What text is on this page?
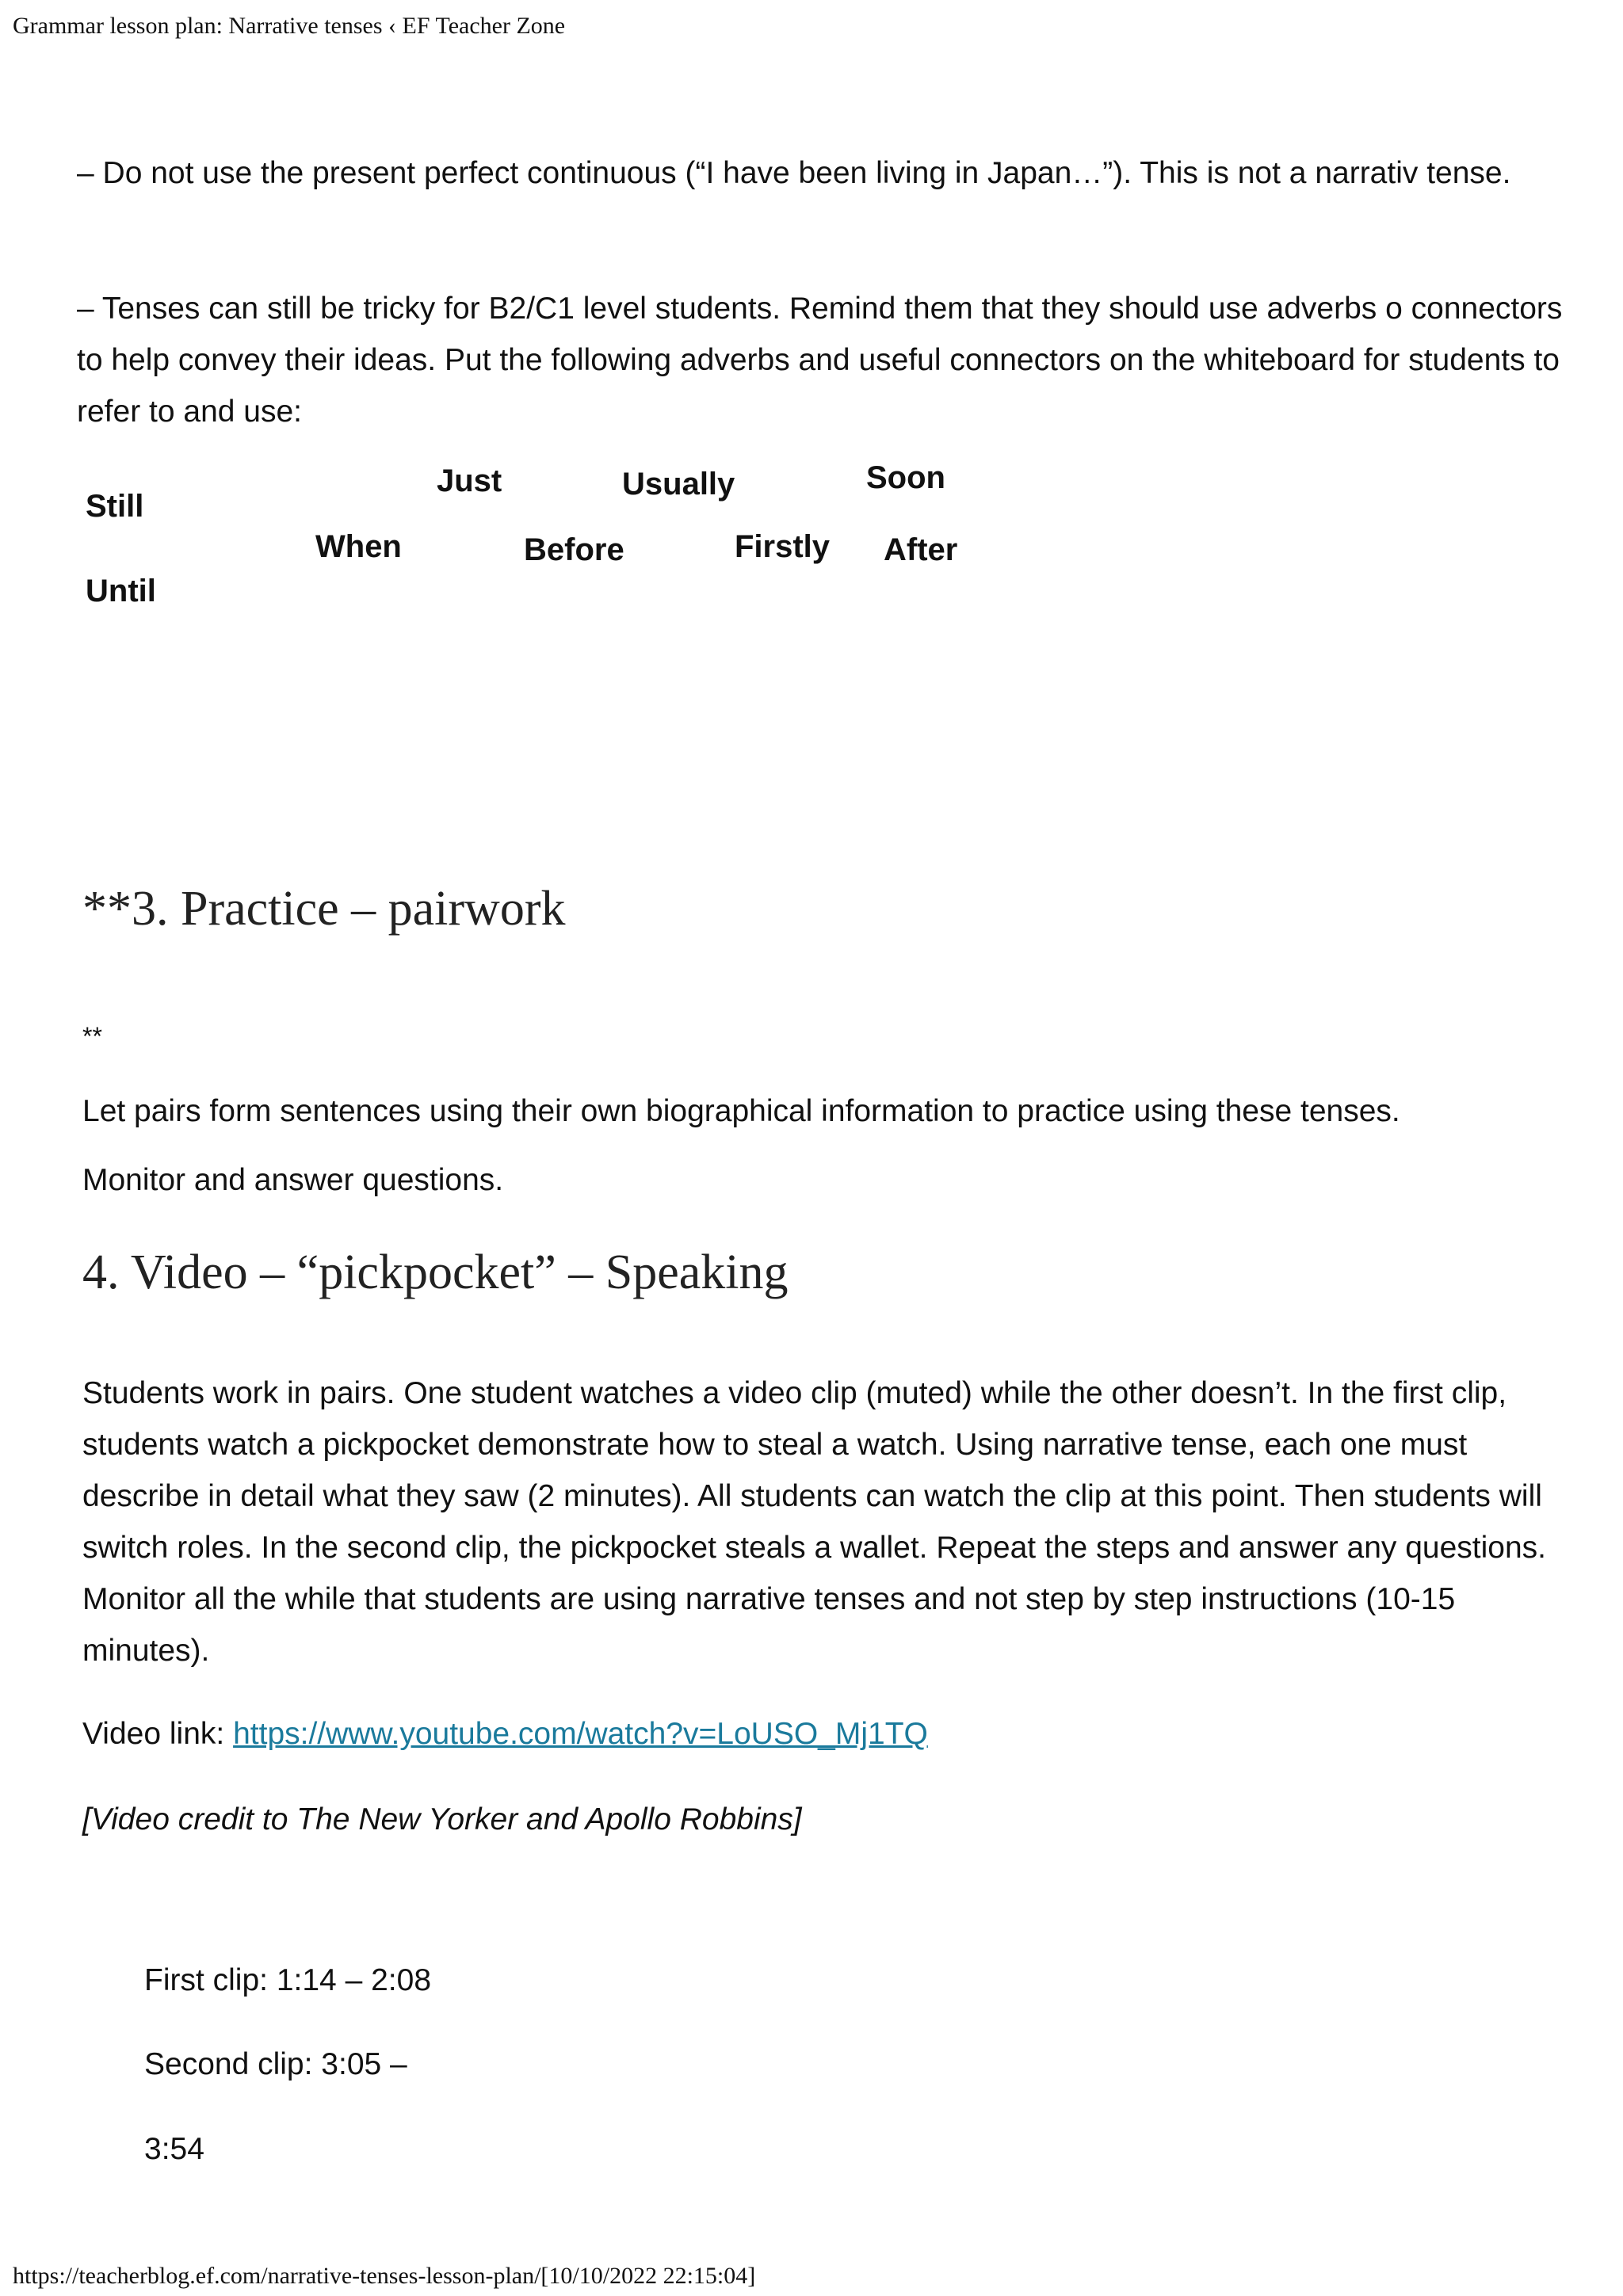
Grammar lesson plan: Narrative tenses ‹ EF Teacher Zone

– Do not use the present perfect continuous (“I have been living in Japan…”). This is not a narrativ tense.

– Tenses can still be tricky for B2/C1 level students. Remind them that they should use adverbs o connectors to help convey their ideas. Put the following adverbs and useful connectors on the whiteboard for students to refer to and use:

Still
Just	Usually	Soon
When	Before	Firstly After
Until
**3. Practice – pairwork
**

Let pairs form sentences using their own biographical information to practice using these tenses.

Monitor and answer questions.

4. Video – “pickpocket” – Speaking

Students work in pairs. One student watches a video clip (muted) while the other doesn’t. In the first clip, students watch a pickpocket demonstrate how to steal a watch. Using narrative tense, each one must describe in detail what they saw (2 minutes). All students can watch the clip at this point. Then students will switch roles. In the second clip, the pickpocket steals a wallet. Repeat the steps and answer any questions. Monitor all the while that students are using narrative tenses and not step by step instructions (10-15 minutes).

Video link: https://www.youtube.com/watch?v=LoUSO_Mj1TQ

[Video credit to The New Yorker and Apollo Robbins]

First clip: 1:14 – 2:08

Second clip: 3:05 –

3:54

https://teacherblog.ef.com/narrative-tenses-lesson-plan/[10/10/2022 22:15:04]
